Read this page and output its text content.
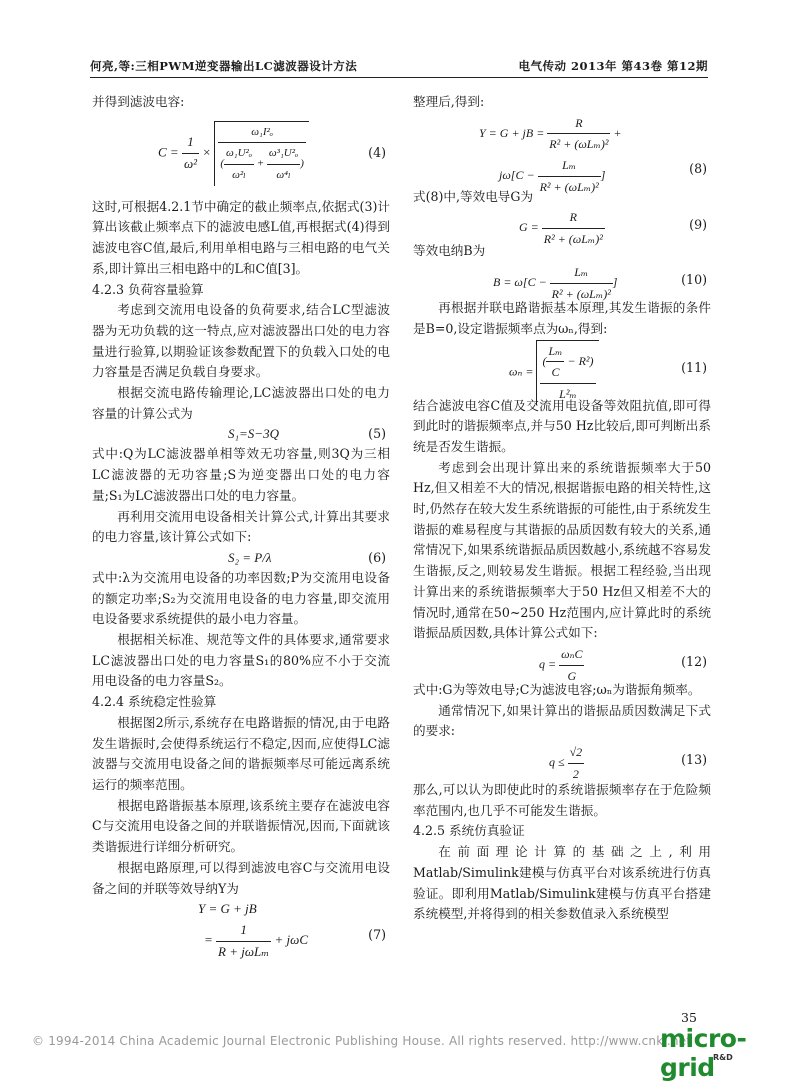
何亮,等:三相PWM逆变器输出LC滤波器设计方法	电气传动 2013年 第43卷 第12期

并得到滤波电容:

$C = \frac{1}{\text{ω²}} \times \frac{\text{ω₁I²ₒ}}{( \frac{\text{ω₁U²ₒ}}{\text{ω²ₗ}} + \frac{\text{ω³₁U²ₒ}}{\text{ω⁴ₗ}} )}$	(4)

这时,可根据4.2.1节中确定的截止频率点,依据式(3)计算出该截止频率点下的滤波电感L值,再根据式(4)得到滤波电容C值,最后,利用单相电路与三相电路的电气关系,即计算出三相电路中的L和C值[3]。

4.2.3 负荷容量验算

考虑到交流用电设备的负荷要求,结合LC型滤波器为无功负载的这一特点,应对滤波器出口处的电力容量进行验算,以期验证该参数配置下的负载入口处的电力容量是否满足负载自身要求。

根据交流电路传输理论,LC滤波器出口处的电力容量的计算公式为

S₁=S−3Q	(5)

式中:Q为LC滤波器单相等效无功容量,则3Q为三相LC滤波器的无功容量;S为逆变器出口处的电力容量;S₁为LC滤波器出口处的电力容量。

再利用交流用电设备相关计算公式,计算出其要求的电力容量,该计算公式如下:

S₂ = P/λ	(6)

式中:λ为交流用电设备的功率因数;P为交流用电设备的额定功率;S₂为交流用电设备的电力容量,即交流用电设备要求系统提供的最小电力容量。

根据相关标准、规范等文件的具体要求,通常要求LC滤波器出口处的电力容量S₁的80%应不小于交流用电设备的电力容量S₂。

4.2.4 系统稳定性验算

根据图2所示,系统存在电路谐振的情况,由于电路发生谐振时,会使得系统运行不稳定,因而,应使得LC滤波器与交流用电设备之间的谐振频率尽可能远离系统运行的频率范围。

根据电路谐振基本原理,该系统主要存在滤波电容C与交流用电设备之间的并联谐振情况,因而,下面就该类谐振进行详细分析研究。

根据电路原理,可以得到滤波电容C与交流用电设备之间的并联等效导纳Y为

Y = G + jB
= $\frac{1}{\text{R + jωLₘ}} + j\omega C$	(7)

整理后,得到:

Y = G + jB = $\frac{R}{\text{R² + (ωLₘ)²}}$ +
$j\omega[C - \frac{\text{Lₘ}}{\text{R² + (ωLₘ)²}}$ ]	(8)

式(8)中,等效电导G为

$G = \frac{R}{\text{R² + (ωLₘ)²}}$	(9)

等效电纳B为

$B = \omega[C - \frac{\text{Lₘ}}{\text{R² + (ωLₘ)²}}$ ]	(10)

再根据并联电路谐振基本原理,其发生谐振的条件是B=0,设定谐振频率点为ωₙ,得到:

$\omega_n = \frac{( \frac{\text{Lₘ}}{C} - R^2)}{\text{L²ₘ}}$	(11)

结合滤波电容C值及交流用电设备等效阻抗值,即可得到此时的谐振频率点,并与50 Hz比较后,即可判断出系统是否发生谐振。

考虑到会出现计算出来的系统谐振频率大于50 Hz,但又相差不大的情况,根据谐振电路的相关特性,这时,仍然存在较大发生系统谐振的可能性,由于系统发生谐振的难易程度与其谐振的品质因数有较大的关系,通常情况下,如果系统谐振品质因数越小,系统越不容易发生谐振,反之,则较易发生谐振。根据工程经验,当出现计算出来的系统谐振频率大于50 Hz但又相差不大的情况时,通常在50~250 Hz范围内,应计算此时的系统谐振品质因数,具体计算公式如下:

$q = \frac{\text{ωₙC}}{G}$	(12)

式中:G为等效电导;C为滤波电容;ωₙ为谐振角频率。

通常情况下,如果计算出的谐振品质因数满足下式的要求:

$q \le \frac{√2}{2}$	(13)

那么,可以认为即使此时的系统谐振频率存在于危险频率范围内,也几乎不可能发生谐振。

4.2.5 系统仿真验证

在前面理论计算的基础之上,利用Matlab/Simulink建模与仿真平台对该系统进行仿真验证。即利用Matlab/Simulink建模与仿真平台搭建系统模型,并将得到的相关参数值录入系统模型

35
© 1994-2014 China Academic Journal Electronic Publishing House. All rights reserved. http://www.cnki.net
micro-grid
R&D
